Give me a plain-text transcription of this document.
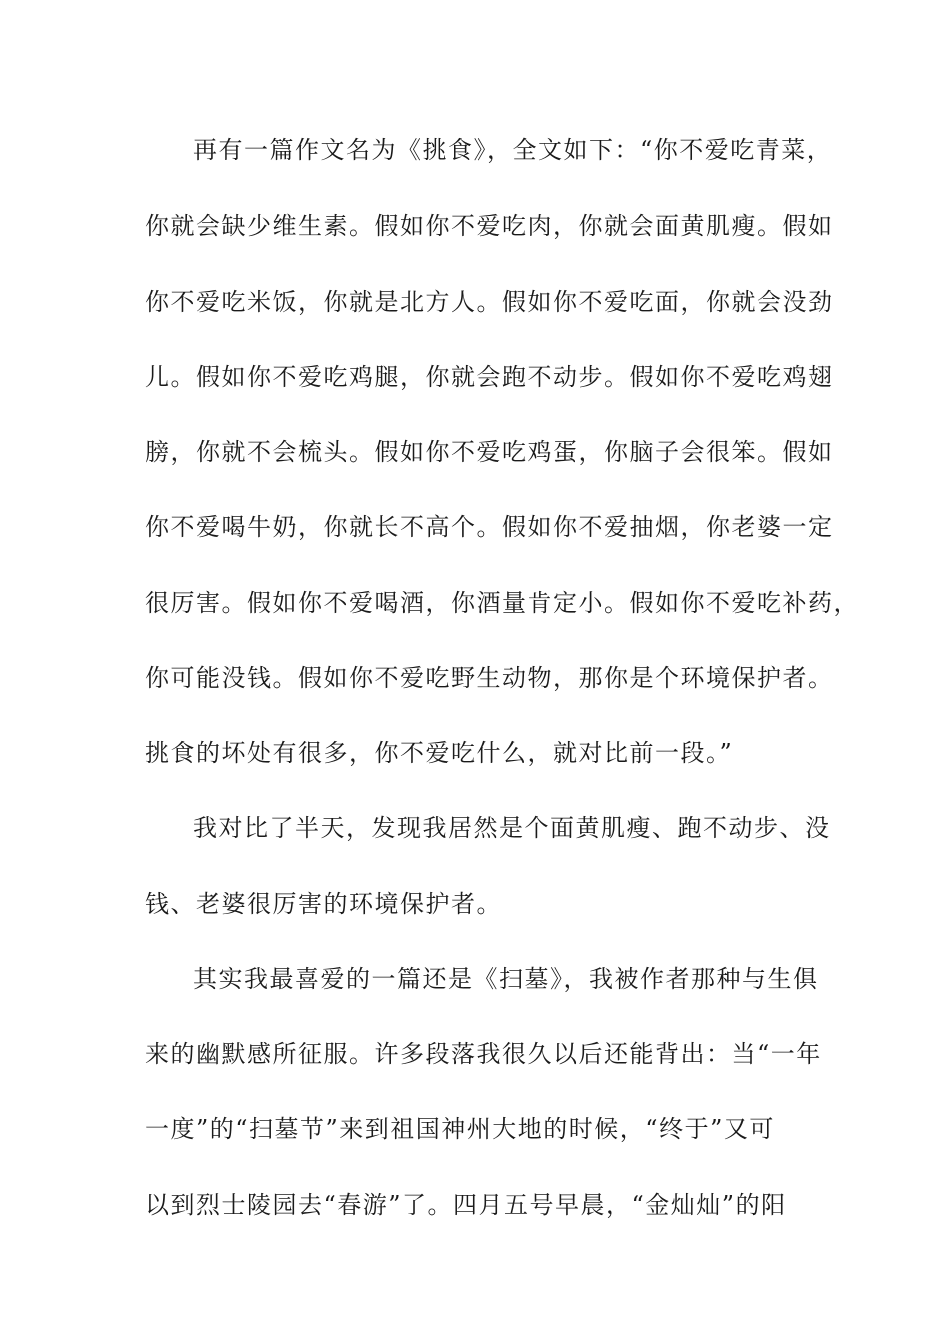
再有一篇作文名为《挑食》，全文如下：“你不爱吃青菜，
你就会缺少维生素。假如你不爱吃肉，你就会面黄肌瘦。假如
你不爱吃米饭，你就是北方人。假如你不爱吃面，你就会没劲
儿。假如你不爱吃鸡腿，你就会跑不动步。假如你不爱吃鸡翅
膀，你就不会梳头。假如你不爱吃鸡蛋，你脑子会很笨。假如
你不爱喝牛奶，你就长不高个。假如你不爱抽烟，你老婆一定
很厉害。假如你不爱喝酒，你酒量肯定小。假如你不爱吃补药，
你可能没钱。假如你不爱吃野生动物，那你是个环境保护者。
挑食的坏处有很多，你不爱吃什么，就对比前一段。”
我对比了半天，发现我居然是个面黄肌瘦、跑不动步、没
钱、老婆很厉害的环境保护者。
其实我最喜爱的一篇还是《扫墓》，我被作者那种与生俱
来的幽默感所征服。许多段落我很久以后还能背出：当“一年
一度”的“扫墓节”来到祖国神州大地的时候，“终于”又可
以到烈士陵园去“春游”了。四月五号早晨，“金灿灿”的阳
